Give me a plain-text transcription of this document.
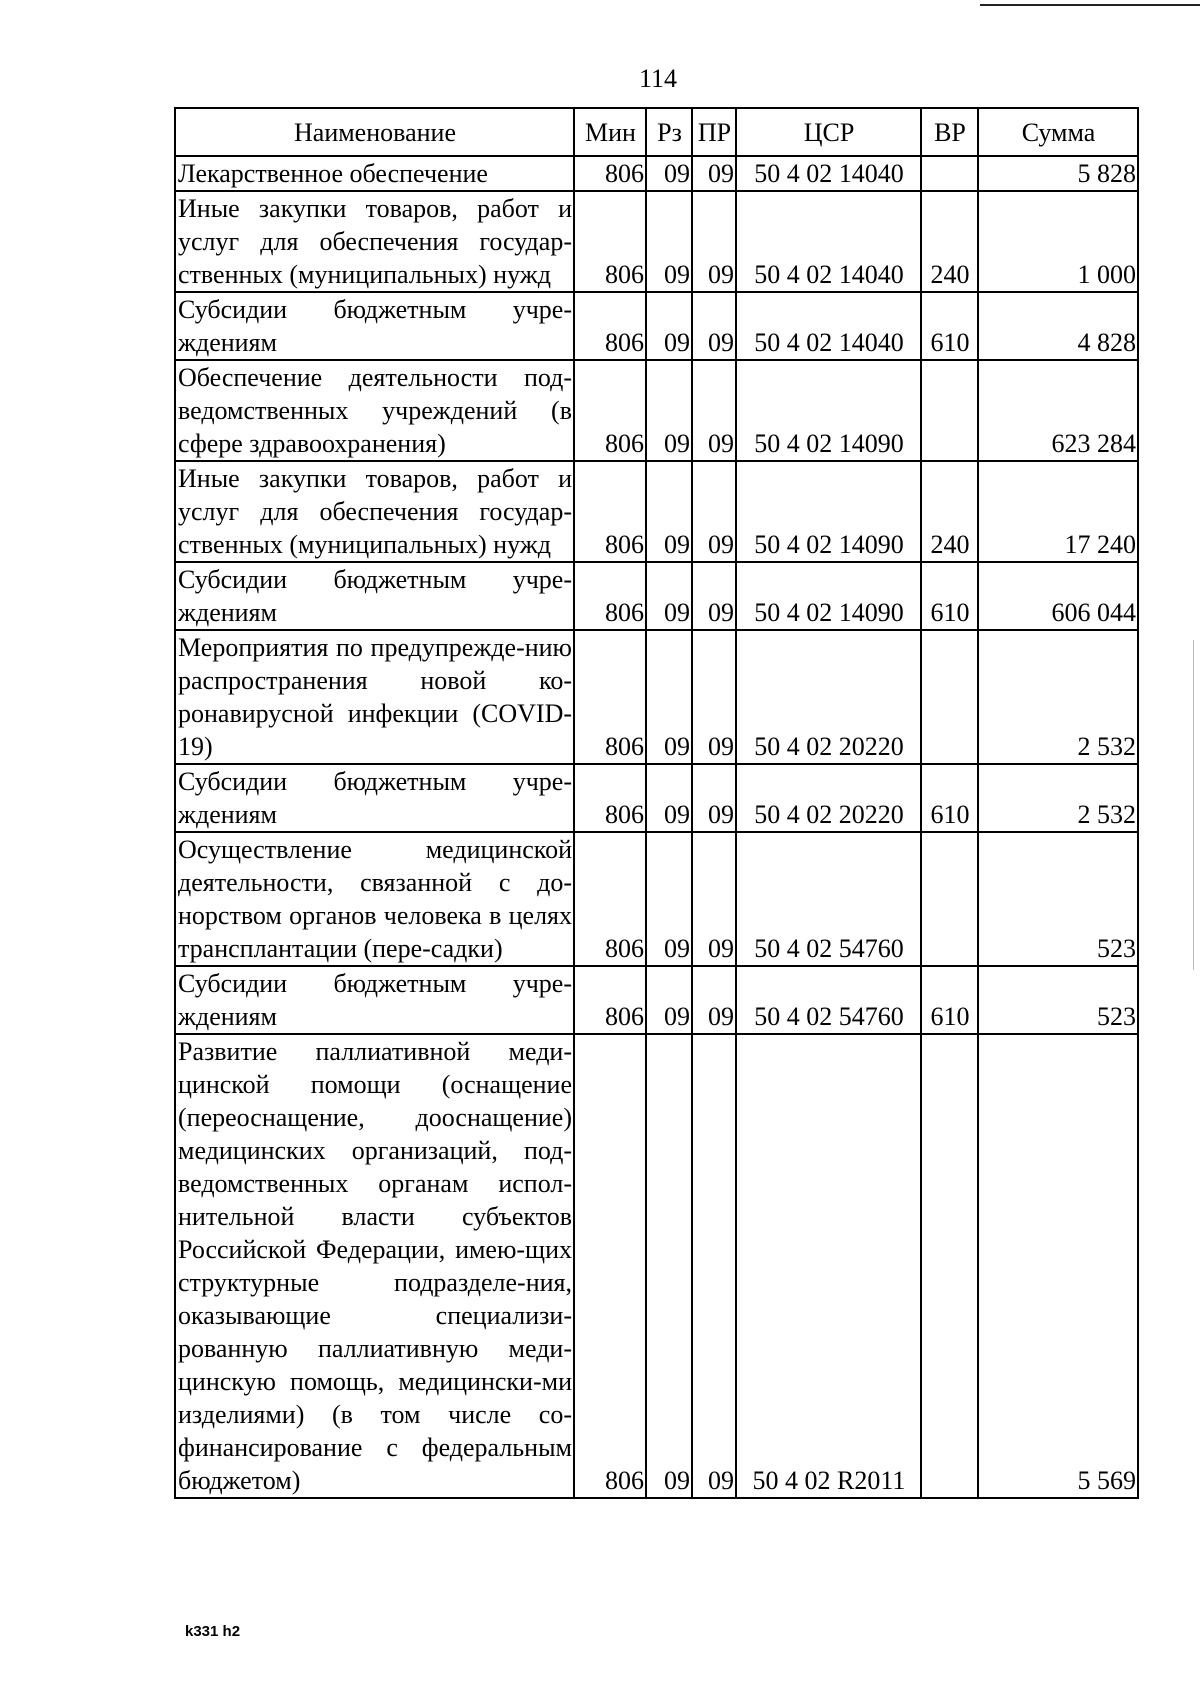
114
Наименование	Мин	Рз	ПР	ЦСР	ВР	Сумма
Лекарственное обеспечение	806	09	09	50 4 02 14040		5 828
Иные закупки товаров, работ и услуг для обеспечения государ-ственных (муниципальных) нужд	806	09	09	50 4 02 14040	240	1 000
Субсидии бюджетным учре-ждениям	806	09	09	50 4 02 14040	610	4 828
Обеспечение деятельности под-ведомственных учреждений (в сфере здравоохранения)	806	09	09	50 4 02 14090		623 284
Иные закупки товаров, работ и услуг для обеспечения государ-ственных (муниципальных) нужд	806	09	09	50 4 02 14090	240	17 240
Субсидии бюджетным учре-ждениям	806	09	09	50 4 02 14090	610	606 044
Мероприятия по предупрежде-нию распространения новой ко-ронавирусной инфекции (COVID-19)	806	09	09	50 4 02 20220		2 532
Субсидии бюджетным учре-ждениям	806	09	09	50 4 02 20220	610	2 532
Осуществление медицинской деятельности, связанной с до-норством органов человека в целях трансплантации (пере-садки)	806	09	09	50 4 02 54760		523
Субсидии бюджетным учре-ждениям	806	09	09	50 4 02 54760	610	523
Развитие паллиативной меди-цинской помощи (оснащение (переоснащение, дооснащение) медицинских организаций, под-ведомственных органам испол-нительной власти субъектов Российской Федерации, имею-щих структурные подразделе-ния, оказывающие специализи-рованную паллиативную меди-цинскую помощь, медицински-ми изделиями) (в том числе со-финансирование с федеральным бюджетом)	806	09	09	50 4 02 R2011		5 569
k331 h2
